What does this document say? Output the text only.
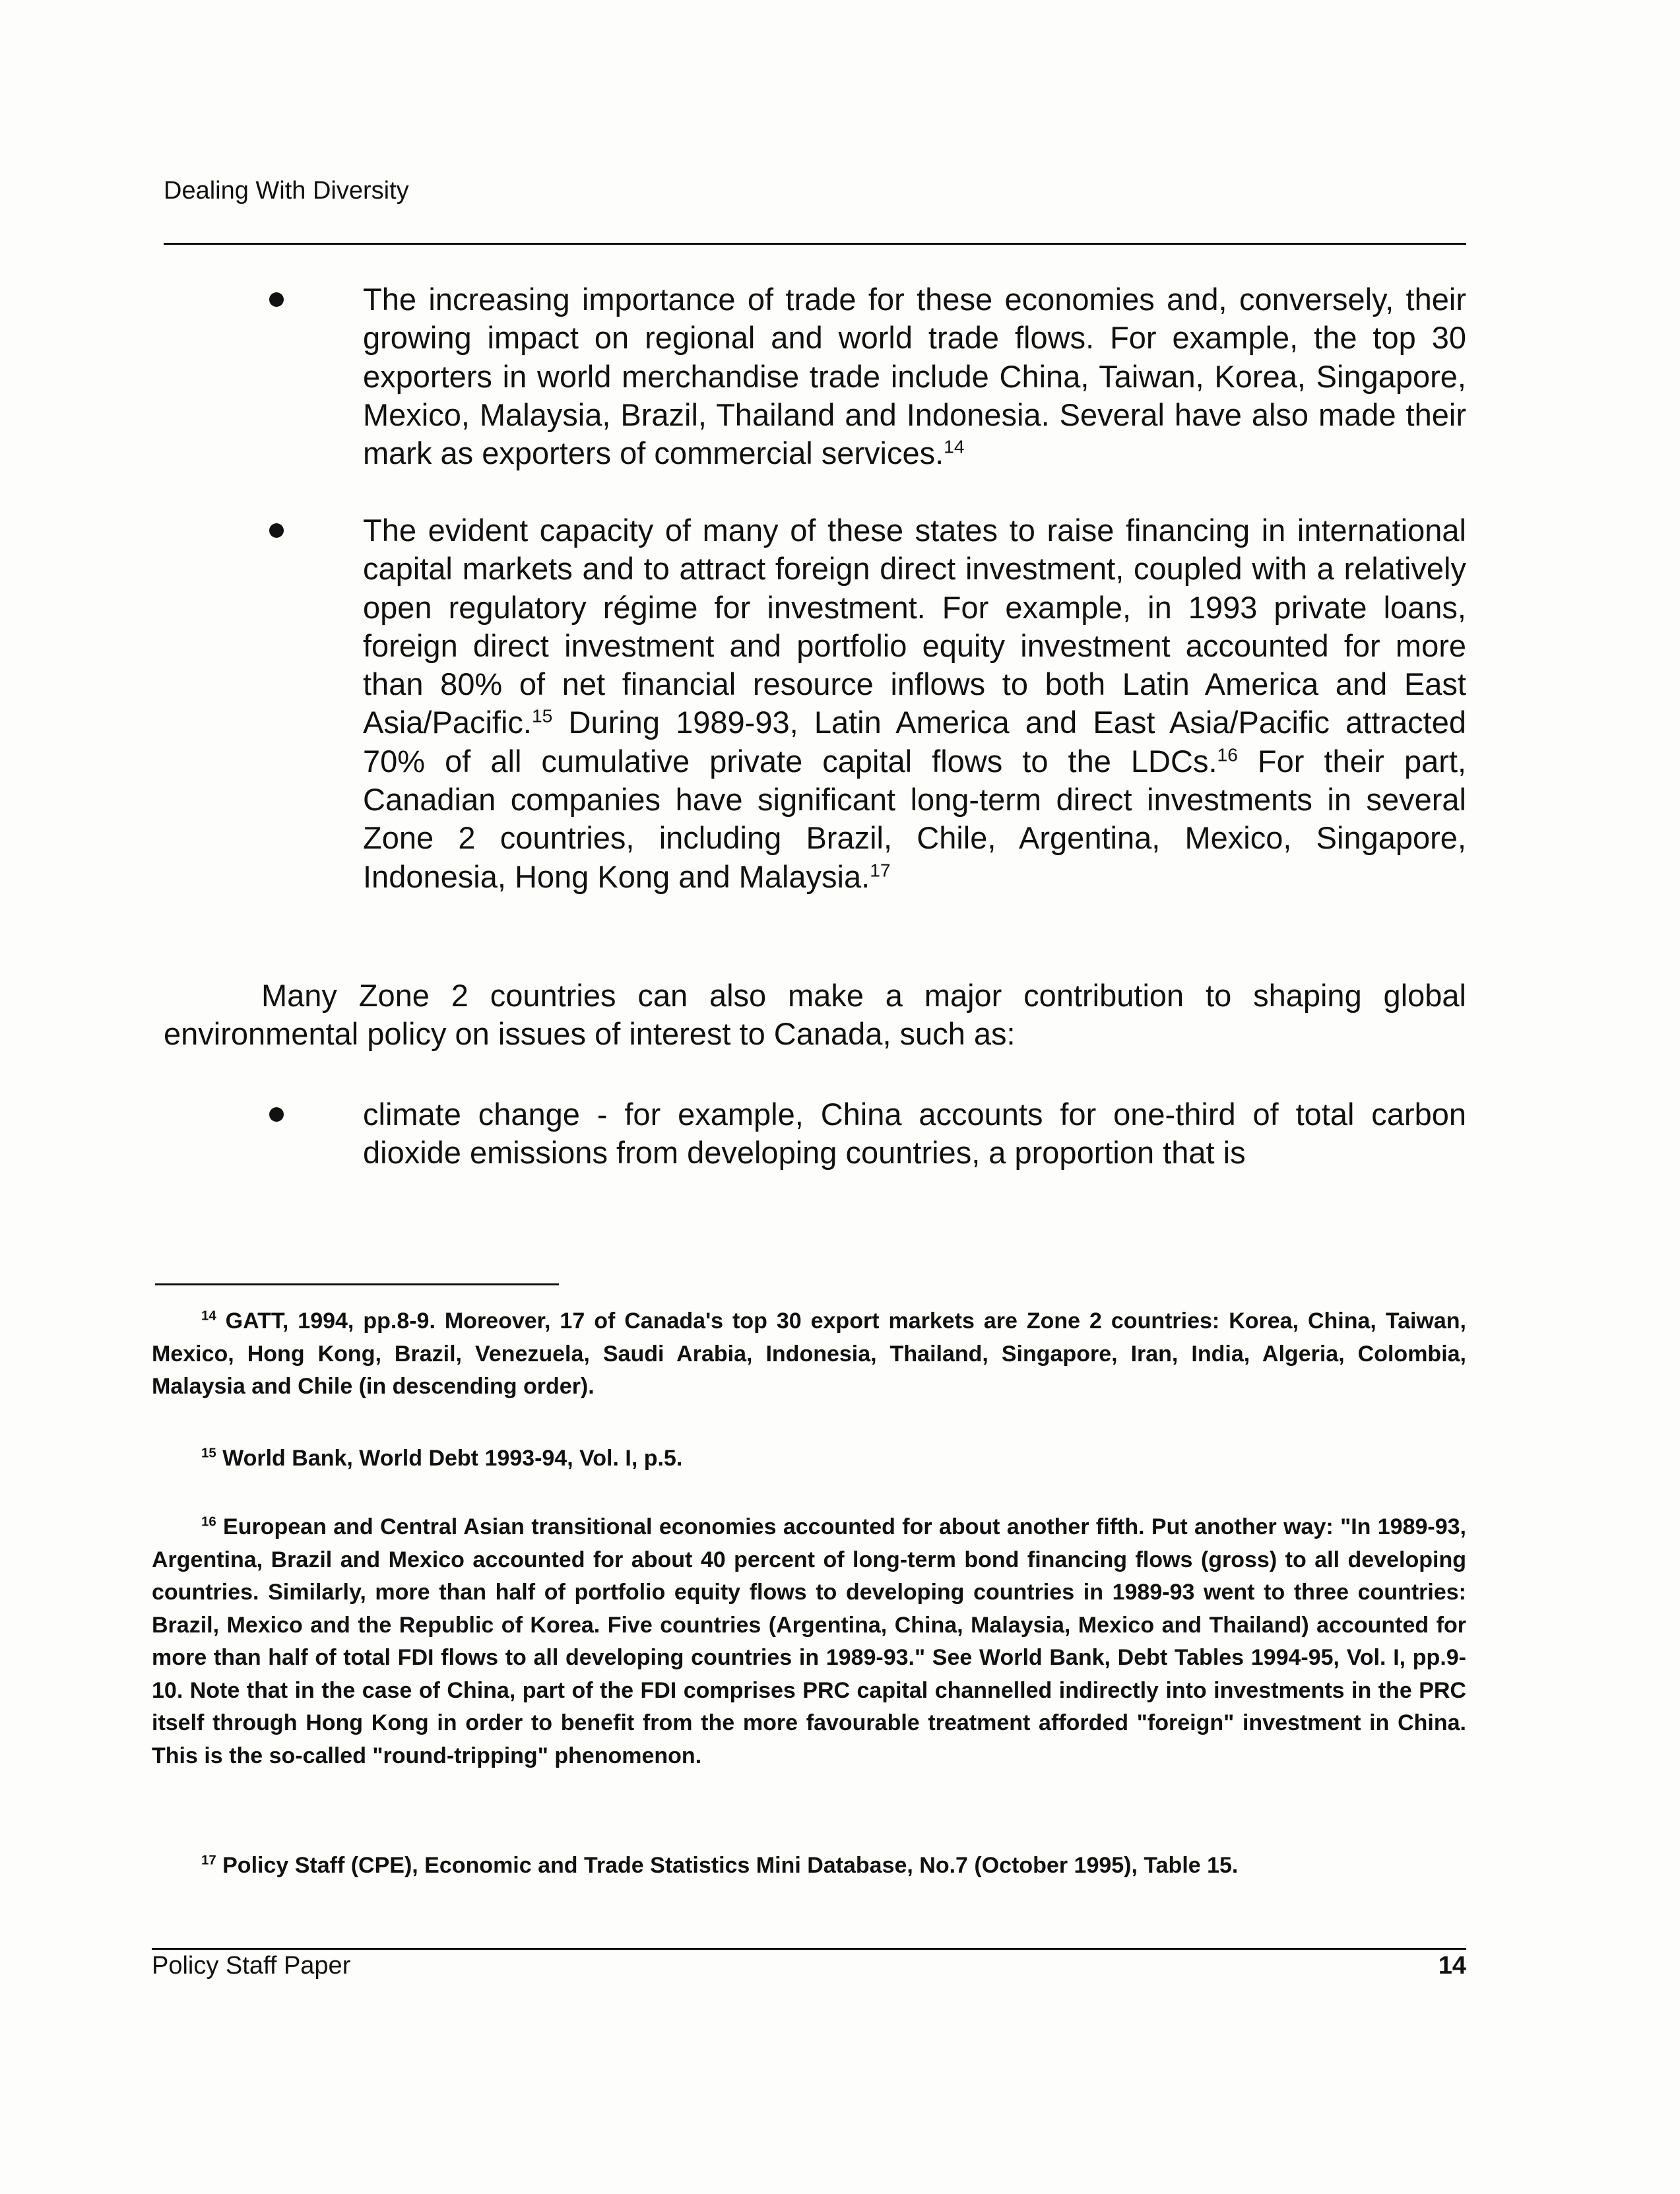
Dealing With Diversity
The increasing importance of trade for these economies and, conversely, their growing impact on regional and world trade flows. For example, the top 30 exporters in world merchandise trade include China, Taiwan, Korea, Singapore, Mexico, Malaysia, Brazil, Thailand and Indonesia. Several have also made their mark as exporters of commercial services.$^{14}$
The evident capacity of many of these states to raise financing in international capital markets and to attract foreign direct investment, coupled with a relatively open regulatory régime for investment. For example, in 1993 private loans, foreign direct investment and portfolio equity investment accounted for more than 80% of net financial resource inflows to both Latin America and East Asia/Pacific.$^{15}$ During 1989-93, Latin America and East Asia/Pacific attracted 70% of all cumulative private capital flows to the LDCs.$^{16}$ For their part, Canadian companies have significant long-term direct investments in several Zone 2 countries, including Brazil, Chile, Argentina, Mexico, Singapore, Indonesia, Hong Kong and Malaysia.$^{17}$
Many Zone 2 countries can also make a major contribution to shaping global environmental policy on issues of interest to Canada, such as:
climate change - for example, China accounts for one-third of total carbon dioxide emissions from developing countries, a proportion that is
$^{14}$ GATT, 1994, pp.8-9. Moreover, 17 of Canada's top 30 export markets are Zone 2 countries: Korea, China, Taiwan, Mexico, Hong Kong, Brazil, Venezuela, Saudi Arabia, Indonesia, Thailand, Singapore, Iran, India, Algeria, Colombia, Malaysia and Chile (in descending order).
$^{15}$ World Bank, World Debt 1993-94, Vol. I, p.5.
$^{16}$ European and Central Asian transitional economies accounted for about another fifth. Put another way: "In 1989-93, Argentina, Brazil and Mexico accounted for about 40 percent of long-term bond financing flows (gross) to all developing countries. Similarly, more than half of portfolio equity flows to developing countries in 1989-93 went to three countries: Brazil, Mexico and the Republic of Korea. Five countries (Argentina, China, Malaysia, Mexico and Thailand) accounted for more than half of total FDI flows to all developing countries in 1989-93." See World Bank, Debt Tables 1994-95, Vol. I, pp.9-10. Note that in the case of China, part of the FDI comprises PRC capital channelled indirectly into investments in the PRC itself through Hong Kong in order to benefit from the more favourable treatment afforded "foreign" investment in China. This is the so-called "round-tripping" phenomenon.
$^{17}$ Policy Staff (CPE), Economic and Trade Statistics Mini Database, No.7 (October 1995), Table 15.
Policy Staff Paper	14
